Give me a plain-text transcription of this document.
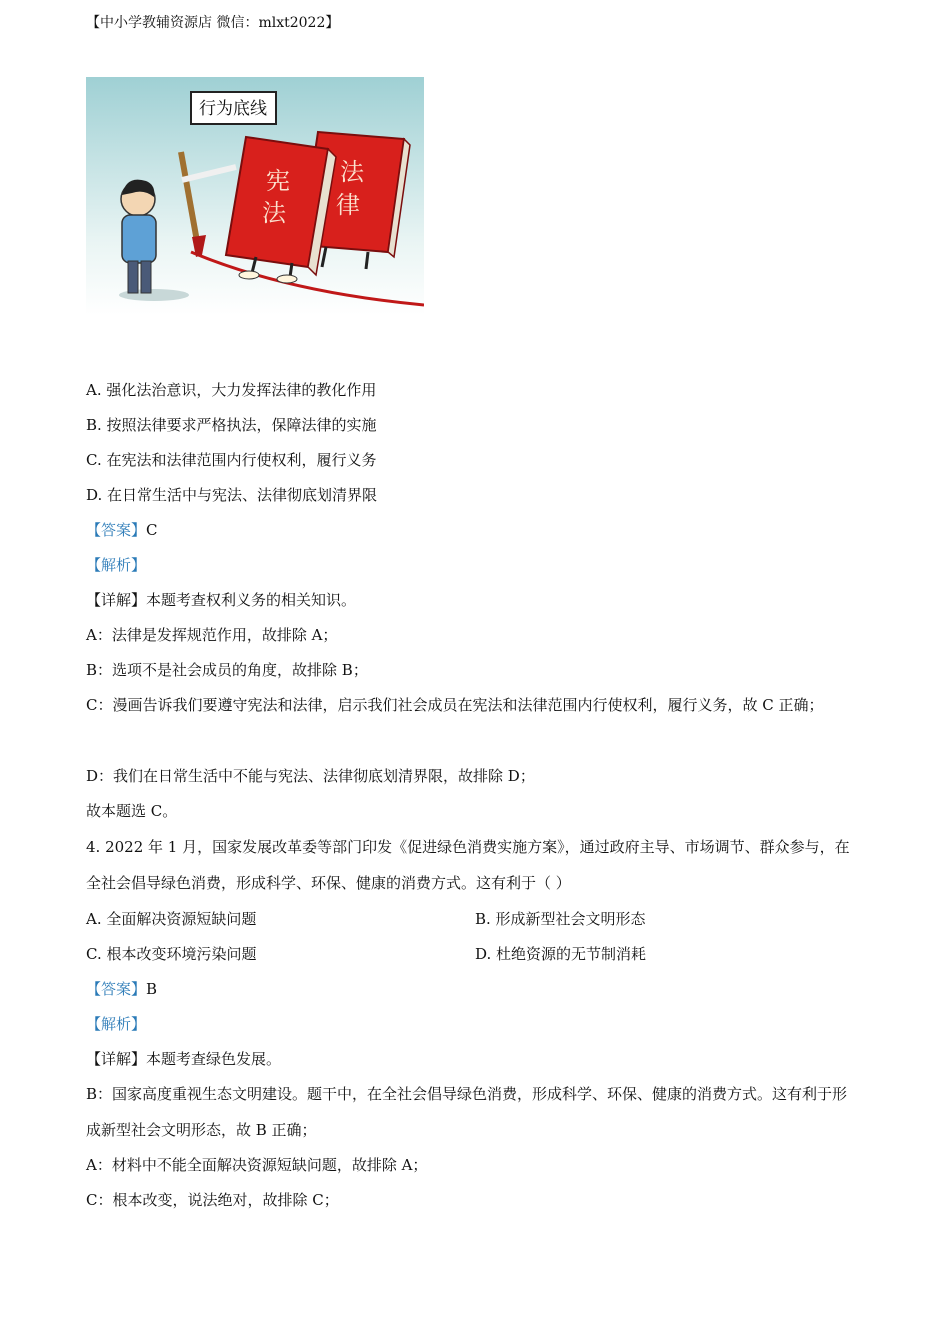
【中小学教辅资源店 微信：mlxt2022】
行为底线
法
律
宪
法
A. 强化法治意识，大力发挥法律的教化作用
B. 按照法律要求严格执法，保障法律的实施
C. 在宪法和法律范围内行使权利，履行义务
D. 在日常生活中与宪法、法律彻底划清界限
【答案】C
【解析】
【详解】本题考查权利义务的相关知识。
A：法律是发挥规范作用，故排除 A；
B：选项不是社会成员的角度，故排除 B；
C：漫画告诉我们要遵守宪法和法律，启示我们社会成员在宪法和法律范围内行使权利，履行义务，故 C 正确；
D：我们在日常生活中不能与宪法、法律彻底划清界限，故排除 D；
故本题选 C。
4. 2022 年 1 月，国家发展改革委等部门印发《促进绿色消费实施方案》，通过政府主导、市场调节、群众参与，在全社会倡导绿色消费，形成科学、环保、健康的消费方式。这有利于（ ）
A. 全面解决资源短缺问题	B. 形成新型社会文明形态
C. 根本改变环境污染问题	D. 杜绝资源的无节制消耗
【答案】B
【解析】
【详解】本题考查绿色发展。
B：国家高度重视生态文明建设。题干中，在全社会倡导绿色消费，形成科学、环保、健康的消费方式。这有利于形成新型社会文明形态，故 B 正确；
A：材料中不能全面解决资源短缺问题，故排除 A；
C：根本改变，说法绝对，故排除 C；
